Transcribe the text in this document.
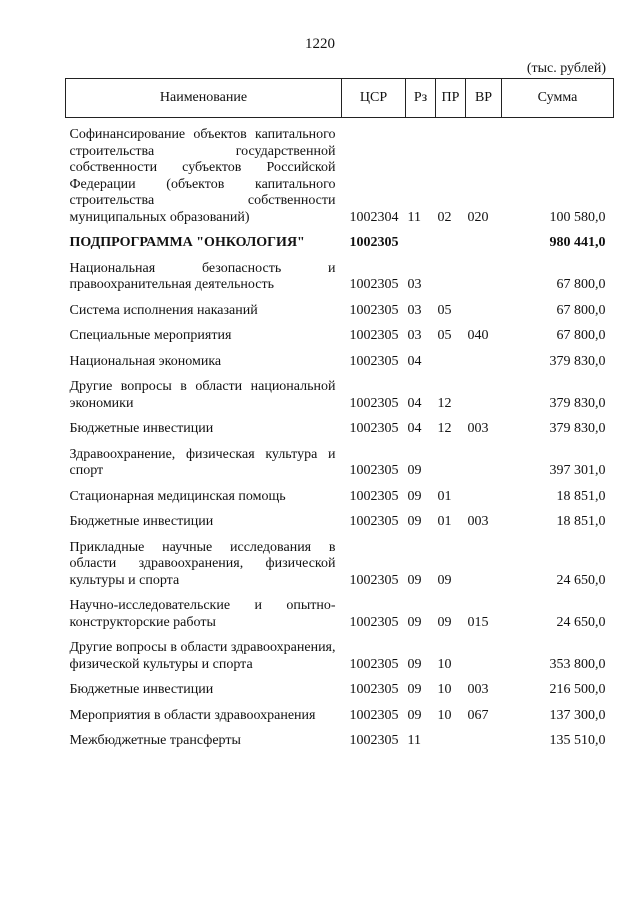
1220
(тыс. рублей)
Наименование	ЦСР	Рз	ПР	ВР	Сумма
Софинансирование объектов капитального строительства государственной собственности субъектов Российской Федерации (объектов капитального строительства собственности муниципальных образований)	1002304	11	02	020	100 580,0
ПОДПРОГРАММА "ОНКОЛОГИЯ"	1002305				980 441,0
Национальная безопасность и правоохранительная деятельность	1002305	03			67 800,0
Система исполнения наказаний	1002305	03	05		67 800,0
Специальные мероприятия	1002305	03	05	040	67 800,0
Национальная экономика	1002305	04			379 830,0
Другие вопросы в области национальной экономики	1002305	04	12		379 830,0
Бюджетные инвестиции	1002305	04	12	003	379 830,0
Здравоохранение, физическая культура и спорт	1002305	09			397 301,0
Стационарная медицинская помощь	1002305	09	01		18 851,0
Бюджетные инвестиции	1002305	09	01	003	18 851,0
Прикладные научные исследования в области здравоохранения, физической культуры и спорта	1002305	09	09		24 650,0
Научно-исследовательские и опытно-конструкторские работы	1002305	09	09	015	24 650,0
Другие вопросы в области здравоохранения, физической культуры и спорта	1002305	09	10		353 800,0
Бюджетные инвестиции	1002305	09	10	003	216 500,0
Мероприятия в области здравоохранения	1002305	09	10	067	137 300,0
Межбюджетные трансферты	1002305	11			135 510,0
